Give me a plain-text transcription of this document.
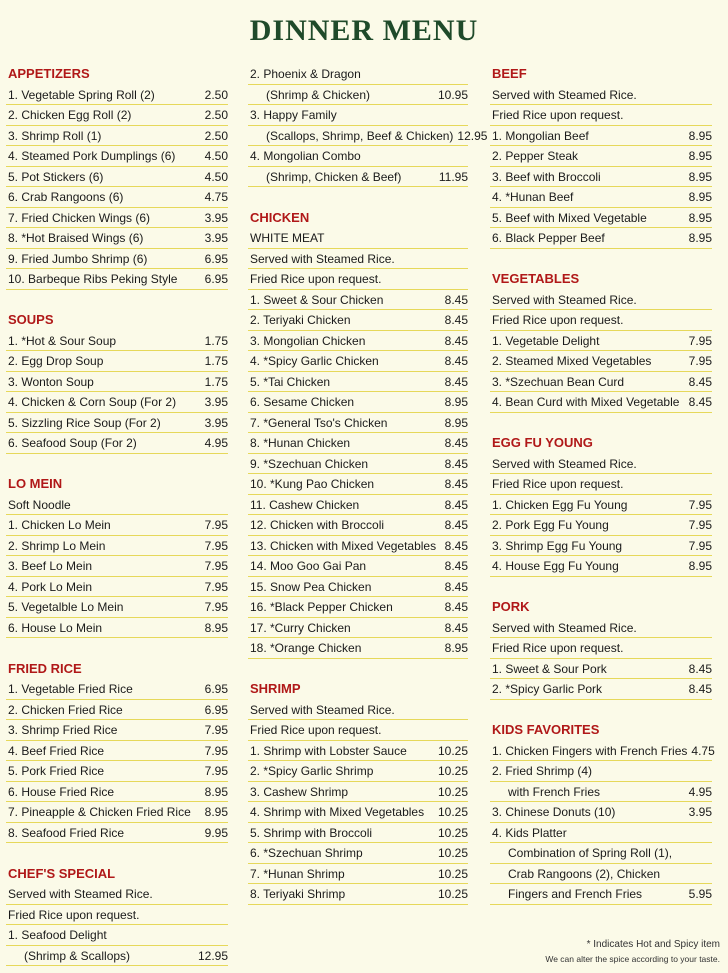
DINNER MENU
APPETIZERS
1. Vegetable Spring Roll (2)	2.50
2. Chicken Egg Roll (2)	2.50
3. Shrimp Roll (1)	2.50
4. Steamed Pork Dumplings (6)	4.50
5. Pot Stickers (6)	4.50
6. Crab Rangoons (6)	4.75
7. Fried Chicken Wings (6)	3.95
8. *Hot Braised Wings (6)	3.95
9. Fried Jumbo Shrimp (6)	6.95
10. Barbeque Ribs Peking Style	6.95
SOUPS
1. *Hot & Sour Soup	1.75
2. Egg Drop Soup	1.75
3. Wonton Soup	1.75
4. Chicken & Corn Soup (For 2)	3.95
5. Sizzling Rice Soup (For 2)	3.95
6. Seafood Soup (For 2)	4.95
LO MEIN
Soft Noodle
1. Chicken Lo Mein	7.95
2. Shrimp Lo Mein	7.95
3. Beef Lo Mein	7.95
4. Pork Lo Mein	7.95
5. Vegetalble Lo Mein	7.95
6. House Lo Mein	8.95
FRIED RICE
1. Vegetable Fried Rice	6.95
2. Chicken Fried Rice	6.95
3. Shrimp Fried Rice	7.95
4. Beef Fried Rice	7.95
5. Pork Fried Rice	7.95
6. House Fried Rice	8.95
7. Pineapple & Chicken Fried Rice	8.95
8. Seafood Fried Rice	9.95
CHEF'S SPECIAL
Served with Steamed Rice.
Fried Rice upon request.
1. Seafood Delight
(Shrimp & Scallops)	12.95
2. Phoenix & Dragon
(Shrimp & Chicken)	10.95
3. Happy Family
(Scallops, Shrimp, Beef & Chicken) 12.95
4. Mongolian Combo
(Shrimp, Chicken & Beef)	11.95
CHICKEN
WHITE MEAT
Served with Steamed Rice.
Fried Rice upon request.
1. Sweet & Sour Chicken	8.45
2. Teriyaki Chicken	8.45
3. Mongolian Chicken	8.45
4. *Spicy Garlic Chicken	8.45
5. *Tai Chicken	8.45
6. Sesame Chicken	8.95
7. *General Tso's Chicken	8.95
8. *Hunan Chicken	8.45
9. *Szechuan Chicken	8.45
10. *Kung Pao Chicken	8.45
11. Cashew Chicken	8.45
12. Chicken with Broccoli	8.45
13. Chicken with Mixed Vegetables 8.45
14. Moo Goo Gai Pan	8.45
15. Snow Pea Chicken	8.45
16. *Black Pepper Chicken	8.45
17. *Curry Chicken	8.45
18. *Orange Chicken	8.95
SHRIMP
Served with Steamed Rice.
Fried Rice upon request.
1. Shrimp with Lobster Sauce	10.25
2. *Spicy Garlic Shrimp	10.25
3. Cashew Shrimp	10.25
4. Shrimp with Mixed Vegetables	10.25
5. Shrimp with Broccoli	10.25
6. *Szechuan Shrimp	10.25
7. *Hunan Shrimp	10.25
8. Teriyaki Shrimp	10.25
BEEF
Served with Steamed Rice.
Fried Rice upon request.
1. Mongolian Beef	8.95
2. Pepper Steak	8.95
3. Beef with Broccoli	8.95
4. *Hunan Beef	8.95
5. Beef with Mixed Vegetable	8.95
6. Black Pepper Beef	8.95
VEGETABLES
Served with Steamed Rice.
Fried Rice upon request.
1. Vegetable Delight	7.95
2. Steamed Mixed Vegetables	7.95
3. *Szechuan Bean Curd	8.45
4. Bean Curd with Mixed Vegetable 8.45
EGG FU YOUNG
Served with Steamed Rice.
Fried Rice upon request.
1. Chicken Egg Fu Young	7.95
2. Pork Egg Fu Young	7.95
3. Shrimp Egg Fu Young	7.95
4. House Egg Fu Young	8.95
PORK
Served with Steamed Rice.
Fried Rice upon request.
1. Sweet & Sour Pork	8.45
2. *Spicy Garlic Pork	8.45
KIDS FAVORITES
1. Chicken Fingers with French Fries 4.75
2. Fried Shrimp (4)
with French Fries	4.95
3. Chinese Donuts (10)	3.95
4. Kids Platter
Combination of Spring Roll (1),
Crab Rangoons (2), Chicken
Fingers and French Fries	5.95
* Indicates Hot and Spicy item
We can alter the spice according to your taste.
